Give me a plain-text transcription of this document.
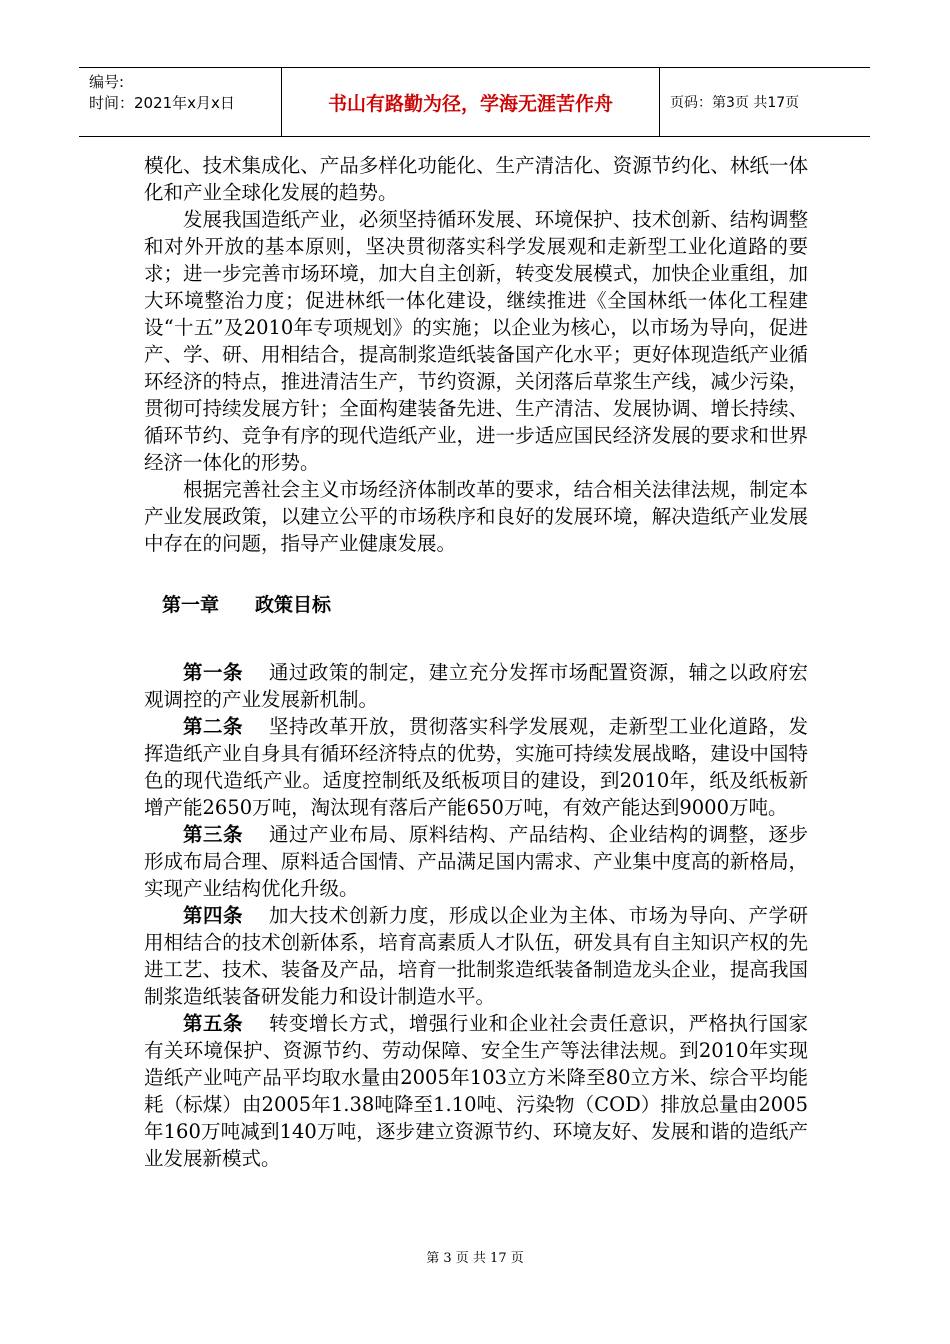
编号:
时间：2021年x月x日	书山有路勤为径，学海无涯苦作舟	页码：第3页 共17页

模化、技术集成化、产品多样化功能化、生产清洁化、资源节约化、林纸一体化和产业全球化发展的趋势。

发展我国造纸产业，必须坚持循环发展、环境保护、技术创新、结构调整和对外开放的基本原则，坚决贯彻落实科学发展观和走新型工业化道路的要求；进一步完善市场环境，加大自主创新，转变发展模式，加快企业重组，加大环境整治力度；促进林纸一体化建设，继续推进《全国林纸一体化工程建设“十五”及2010年专项规划》的实施；以企业为核心，以市场为导向，促进产、学、研、用相结合，提高制浆造纸装备国产化水平；更好体现造纸产业循环经济的特点，推进清洁生产，节约资源，关闭落后草浆生产线，减少污染，贯彻可持续发展方针；全面构建装备先进、生产清洁、发展协调、增长持续、循环节约、竞争有序的现代造纸产业，进一步适应国民经济发展的要求和世界经济一体化的形势。

根据完善社会主义市场经济体制改革的要求，结合相关法律法规，制定本产业发展政策，以建立公平的市场秩序和良好的发展环境，解决造纸产业发展中存在的问题，指导产业健康发展。

第一章 政策目标

第一条 通过政策的制定，建立充分发挥市场配置资源，辅之以政府宏观调控的产业发展新机制。

第二条 坚持改革开放，贯彻落实科学发展观，走新型工业化道路，发挥造纸产业自身具有循环经济特点的优势，实施可持续发展战略，建设中国特色的现代造纸产业。适度控制纸及纸板项目的建设，到2010年，纸及纸板新增产能2650万吨，淘汰现有落后产能650万吨，有效产能达到9000万吨。

第三条 通过产业布局、原料结构、产品结构、企业结构的调整，逐步形成布局合理、原料适合国情、产品满足国内需求、产业集中度高的新格局，实现产业结构优化升级。

第四条 加大技术创新力度，形成以企业为主体、市场为导向、产学研用相结合的技术创新体系，培育高素质人才队伍，研发具有自主知识产权的先进工艺、技术、装备及产品，培育一批制浆造纸装备制造龙头企业，提高我国制浆造纸装备研发能力和设计制造水平。

第五条 转变增长方式，增强行业和企业社会责任意识，严格执行国家有关环境保护、资源节约、劳动保障、安全生产等法律法规。到2010年实现造纸产业吨产品平均取水量由2005年103立方米降至80立方米、综合平均能耗（标煤）由2005年1.38吨降至1.10吨、污染物（COD）排放总量由2005年160万吨减到140万吨，逐步建立资源节约、环境友好、发展和谐的造纸产业发展新模式。

第 3 页 共 17 页
